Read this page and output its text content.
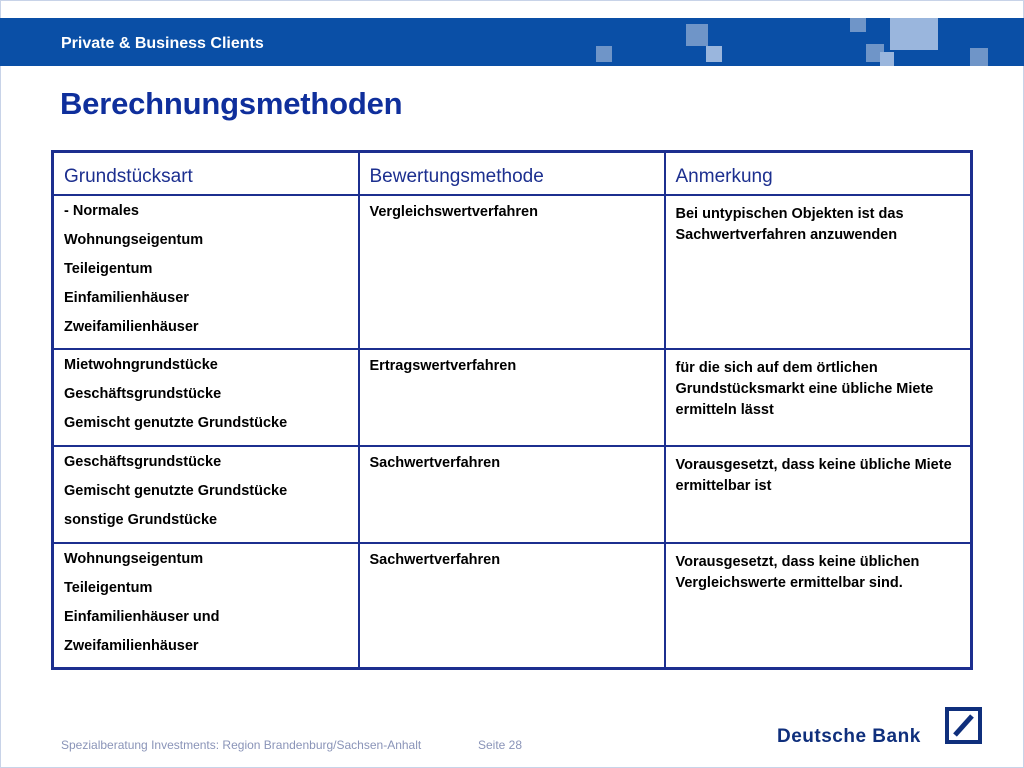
Private & Business Clients
Berechnungsmethoden
Grundstücksart	Bewertungsmethode	Anmerkung

- Normales
Wohnungseigentum
Teileigentum
Einfamilienhäuser
Zweifamilienhäuser	Vergleichswertverfahren	Bei untypischen Objekten ist das Sachwertverfahren anzuwenden

Mietwohngrundstücke
Geschäftsgrundstücke
Gemischt genutzte Grundstücke	Ertragswertverfahren	für die sich auf dem örtlichen Grundstücksmarkt eine übliche Miete ermitteln lässt

Geschäftsgrundstücke
Gemischt genutzte Grundstücke
sonstige Grundstücke	Sachwertverfahren	Vorausgesetzt, dass keine übliche Miete ermittelbar ist

Wohnungseigentum
Teileigentum
Einfamilienhäuser und
Zweifamilienhäuser	Sachwertverfahren	Vorausgesetzt, dass keine üblichen Vergleichswerte ermittelbar sind.
Spezialberatung Investments: Region Brandenburg/Sachsen-Anhalt	Seite 28	Deutsche Bank
